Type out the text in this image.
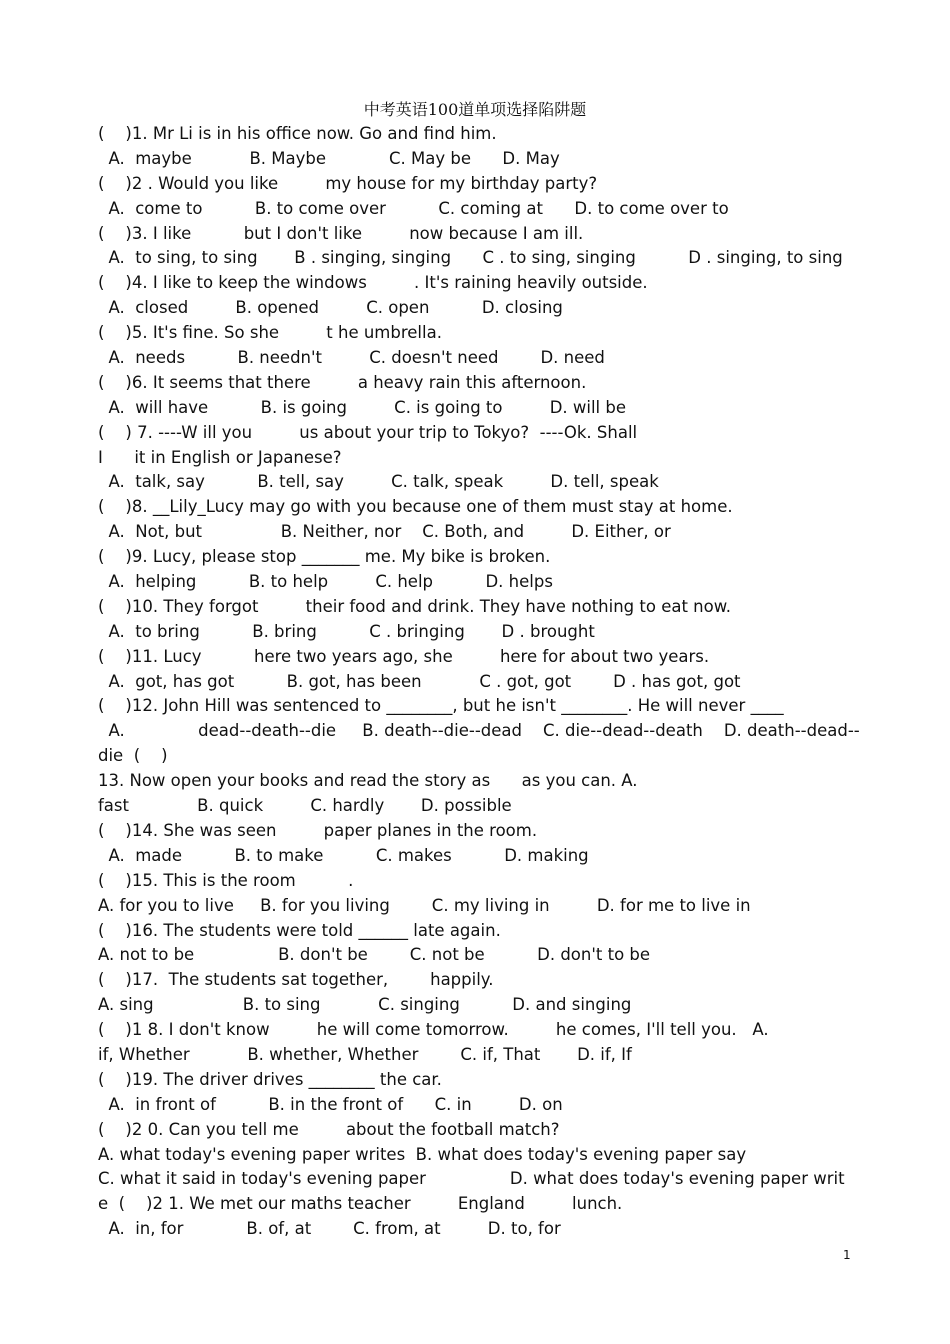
中考英语100道单项选择陷阱题
(    )1. Mr Li is in his office now. Go and find him.
A.  maybe           B. Maybe            C. May be      D. May
(    )2 . Would you like         my house for my birthday party?
A.  come to          B. to come over          C. coming at      D. to come over to
(    )3. I like          but I don't like         now because I am ill.
A.  to sing, to sing       B . singing, singing      C . to sing, singing          D . singing, to sing
(    )4. I like to keep the windows         . It's raining heavily outside.
A.  closed         B. opened         C. open          D. closing
(    )5. It's fine. So she         t he umbrella.
A.  needs          B. needn't         C. doesn't need        D. need
(    )6. It seems that there         a heavy rain this afternoon.
A.  will have          B. is going         C. is going to         D. will be
(    ) 7. ----W ill you         us about your trip to Tokyo?  ----Ok. Shall
I      it in English or Japanese?
A.  talk, say          B. tell, say         C. talk, speak         D. tell, speak
(    )8. __Lily_Lucy may go with you because one of them must stay at home.
A.  Not, but               B. Neither, nor    C. Both, and         D. Either, or
(    )9. Lucy, please stop _______ me. My bike is broken.
A.  helping          B. to help         C. help          D. helps
(    )10. They forgot         their food and drink. They have nothing to eat now.
A.  to bring          B. bring          C . bringing       D . brought
(    )11. Lucy          here two years ago, she         here for about two years.
A.  got, has got          B. got, has been           C . got, got        D . has got, got
(    )12. John Hill was sentenced to ________, but he isn't ________. He will never ____
A.              dead--death--die     B. death--die--dead    C. die--dead--death    D. death--dead--
die  (    )
13. Now open your books and read the story as      as you can. A.
fast             B. quick         C. hardly       D. possible
(    )14. She was seen         paper planes in the room.
A.  made          B. to make          C. makes          D. making
(    )15. This is the room          .
A. for you to live     B. for you living        C. my living in         D. for me to live in
(    )16. The students were told ______ late again.
A. not to be                B. don't be        C. not be          D. don't to be
(    )17.  The students sat together,        happily.
A. sing                 B. to sing           C. singing          D. and singing
(    )1 8. I don't know         he will come tomorrow.         he comes, I'll tell you.   A.
if, Whether           B. whether, Whether        C. if, That       D. if, If
(    )19. The driver drives ________ the car.
A.  in front of          B. in the front of      C. in         D. on
(    )2 0. Can you tell me         about the football match?
A. what today's evening paper writes  B. what does today's evening paper say
C. what it said in today's evening paper                D. what does today's evening paper writ
e  (    )2 1. We met our maths teacher         England         lunch.
A.  in, for            B. of, at        C. from, at         D. to, for
1
